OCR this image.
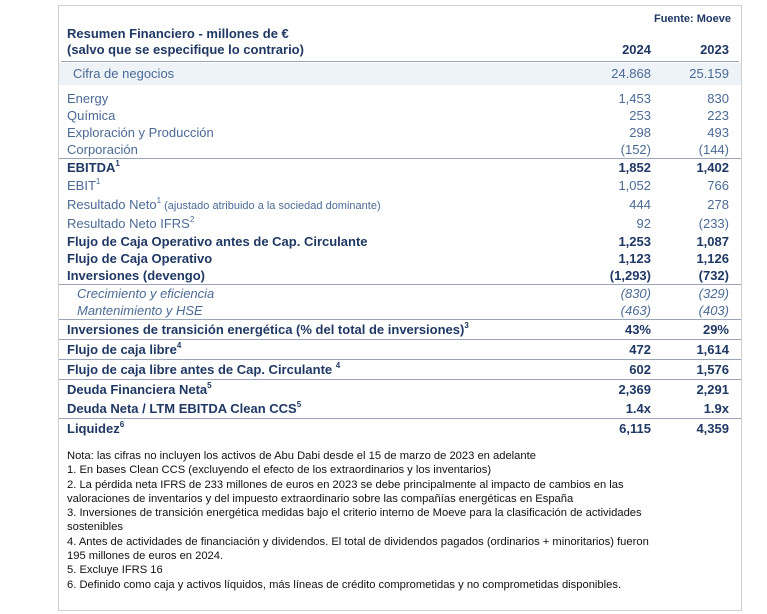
Fuente: Moeve
Resumen Financiero - millones de €
(salvo que se especifique lo contrario)	2024	2023
Cifra de negocios	24.868	25.159
Energy	1,453	830
Química	253	223
Exploración y Producción	298	493
Corporación	(152)	(144)
EBITDA$^1$	1,852	1,402
EBIT$^1$	1,052	766
Resultado Neto$^1$ (ajustado atribuido a la sociedad dominante)	444	278
Resultado Neto IFRS$^2$	92	(233)
Flujo de Caja Operativo antes de Cap. Circulante	1,253	1,087
Flujo de Caja Operativo	1,123	1,126
Inversiones (devengo)	(1,293)	(732)
Crecimiento y eficiencia	(830)	(329)
Mantenimiento y HSE	(463)	(403)
Inversiones de transición energética (% del total de inversiones)$^3$	43%	29%
Flujo de caja libre$^4$	472	1,614
Flujo de caja libre antes de Cap. Circulante $^4$	602	1,576
Deuda Financiera Neta$^5$	2,369	2,291
Deuda Neta / LTM EBITDA Clean CCS$^5$	1.4x	1.9x
Liquidez$^6$	6,115	4,359
Nota: las cifras no incluyen los activos de Abu Dabi desde el 15 de marzo de 2023 en adelante
1. En bases Clean CCS (excluyendo el efecto de los extraordinarios y los inventarios)
2. La pérdida neta IFRS de 233 millones de euros en 2023 se debe principalmente al impacto de cambios en las
valoraciones de inventarios y del impuesto extraordinario sobre las compañías energéticas en España
3. Inversiones de transición energética medidas bajo el criterio interno de Moeve para la clasificación de actividades
sostenibles
4. Antes de actividades de financiación y dividendos. El total de dividendos pagados (ordinarios + minoritarios) fueron
195 millones de euros en 2024.
5. Excluye IFRS 16
6. Definido como caja y activos líquidos, más líneas de crédito comprometidas y no comprometidas disponibles.
